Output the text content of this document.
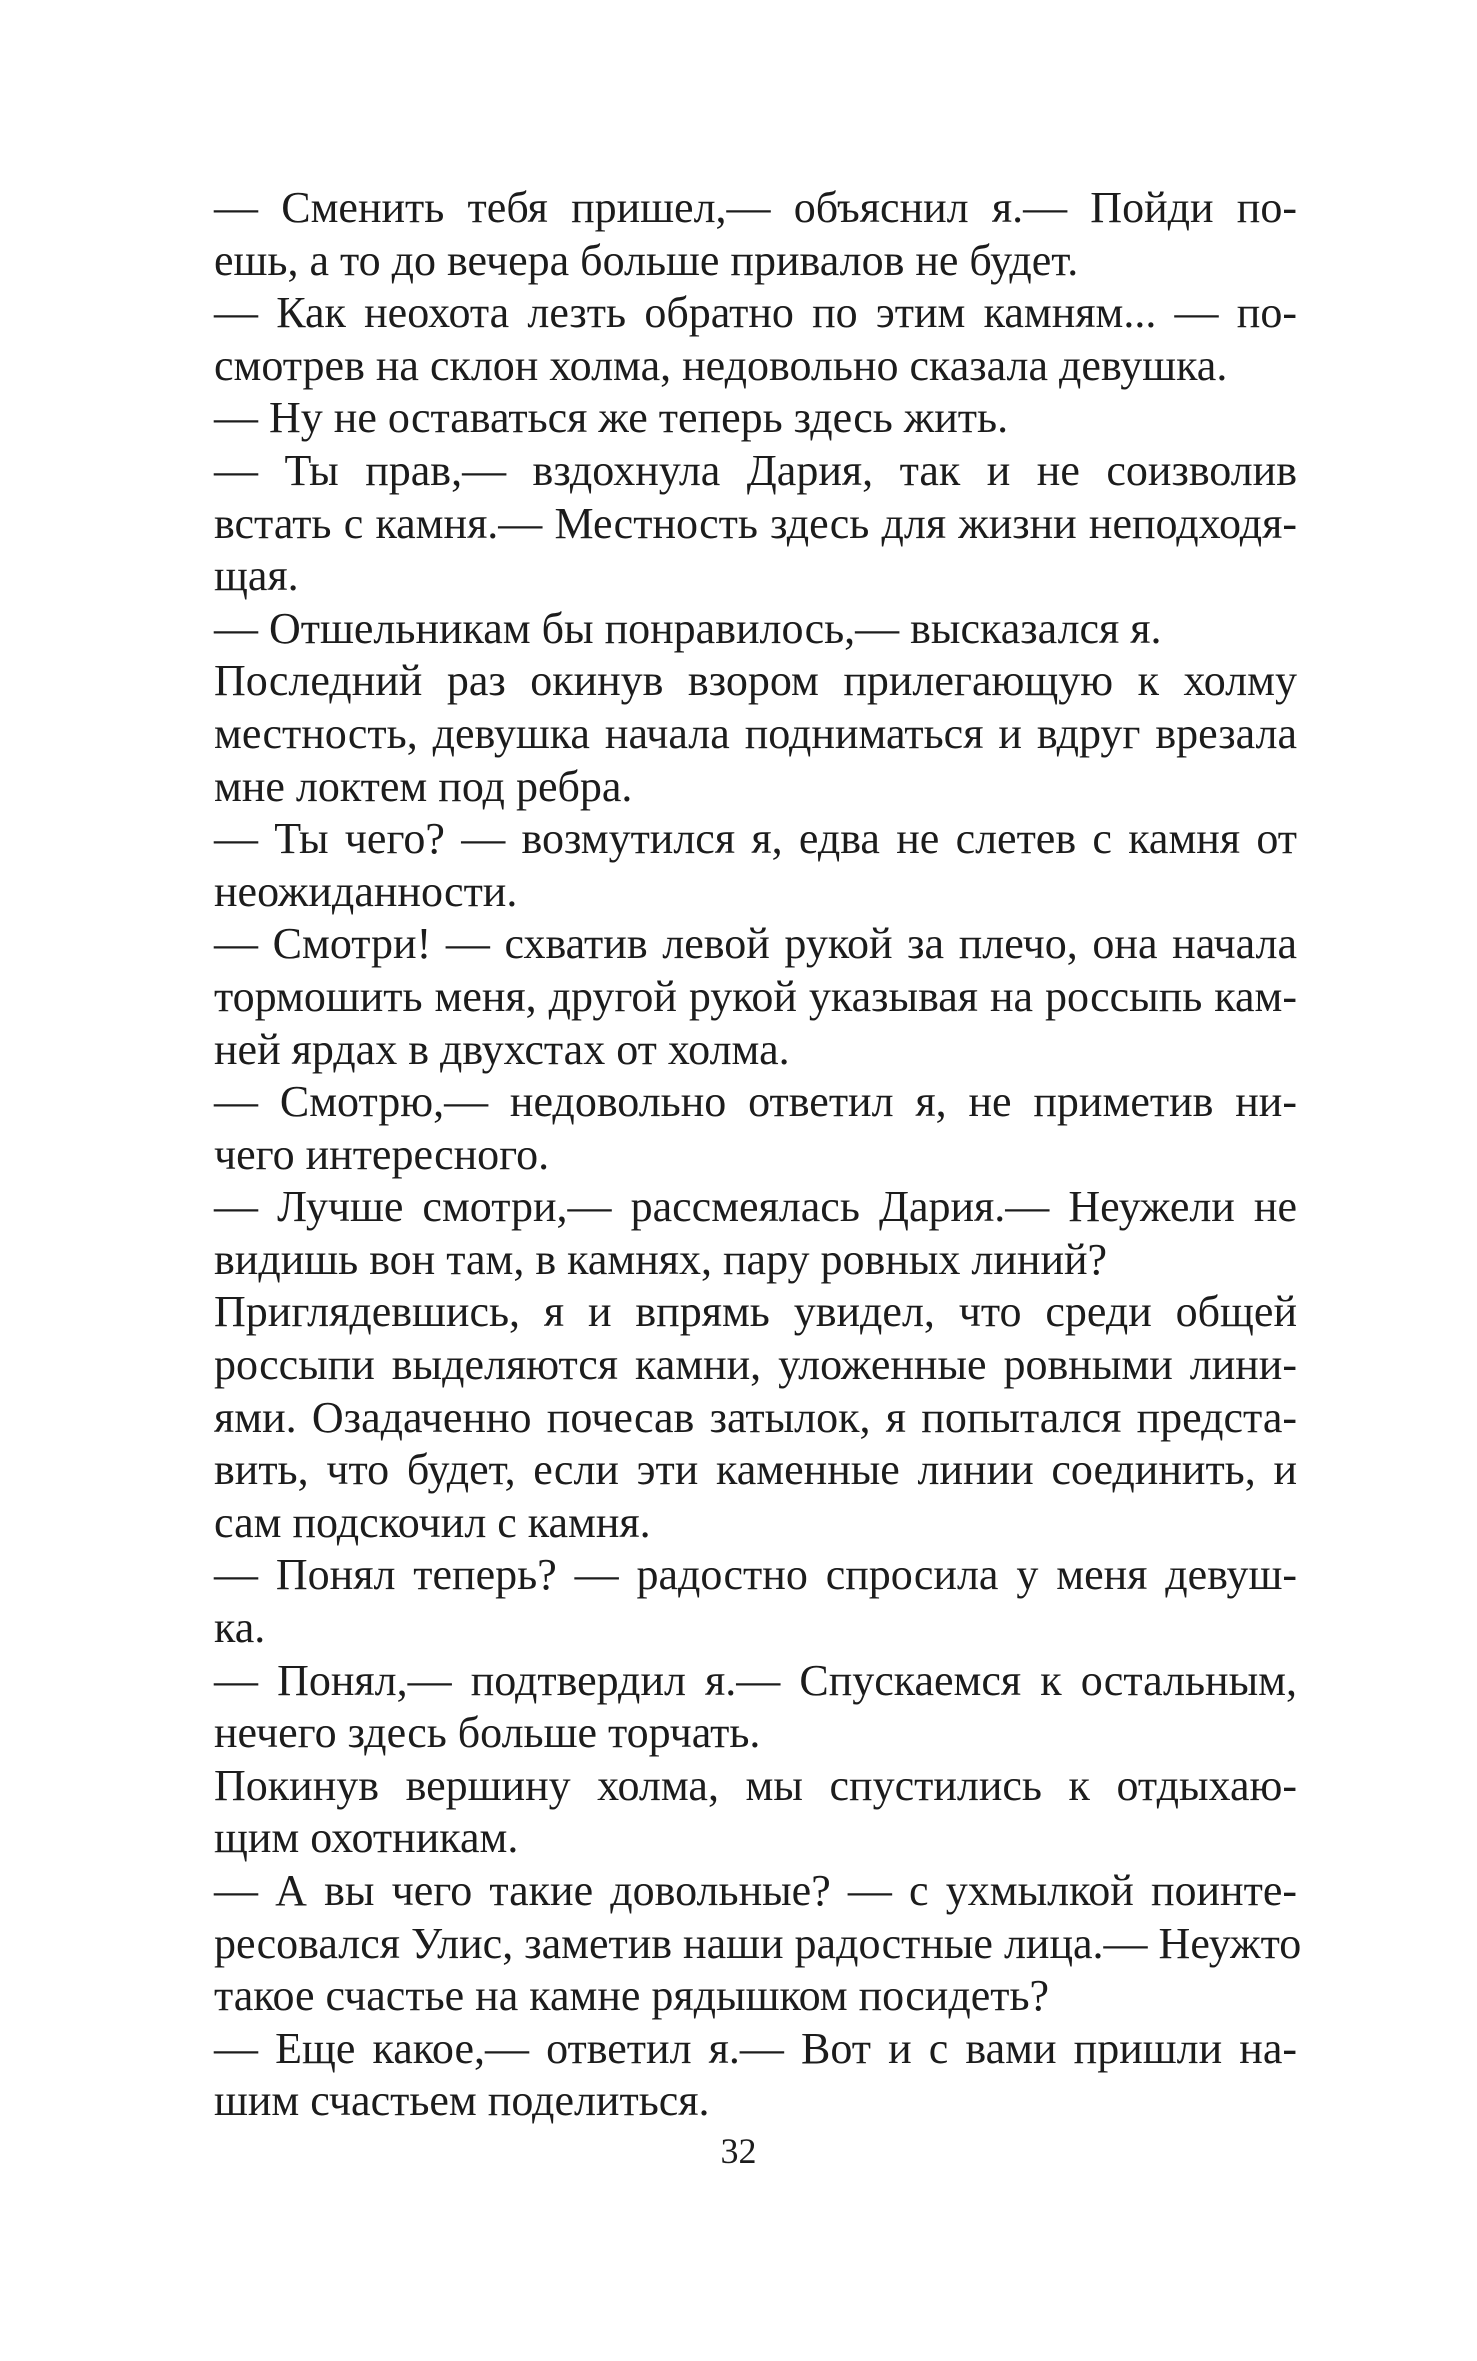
— Сменить тебя пришел,— объяснил я.— Пойди по-
ешь, а то до вечера больше привалов не будет.
— Как неохота лезть обратно по этим камням... — по-
смотрев на склон холма, недовольно сказала девушка.
— Ну не оставаться же теперь здесь жить.
— Ты прав,— вздохнула Дария, так и не соизволив
встать с камня.— Местность здесь для жизни неподходя-
щая.
— Отшельникам бы понравилось,— высказался я.
Последний раз окинув взором прилегающую к холму
местность, девушка начала подниматься и вдруг врезала
мне локтем под ребра.
— Ты чего? — возмутился я, едва не слетев с камня от
неожиданности.
— Смотри! — схватив левой рукой за плечо, она начала
тормошить меня, другой рукой указывая на россыпь кам-
ней ярдах в двухстах от холма.
— Смотрю,— недовольно ответил я, не приметив ни-
чего интересного.
— Лучше смотри,— рассмеялась Дария.— Неужели не
видишь вон там, в камнях, пару ровных линий?
Приглядевшись, я и впрямь увидел, что среди общей
россыпи выделяются камни, уложенные ровными лини-
ями. Озадаченно почесав затылок, я попытался предста-
вить, что будет, если эти каменные линии соединить, и
сам подскочил с камня.
— Понял теперь? — радостно спросила у меня девуш-
ка.
— Понял,— подтвердил я.— Спускаемся к остальным,
нечего здесь больше торчать.
Покинув вершину холма, мы спустились к отдыхаю-
щим охотникам.
— А вы чего такие довольные? — с ухмылкой поинте-
ресовался Улис, заметив наши радостные лица.— Неужто
такое счастье на камне рядышком посидеть?
— Еще какое,— ответил я.— Вот и с вами пришли на-
шим счастьем поделиться.
32
